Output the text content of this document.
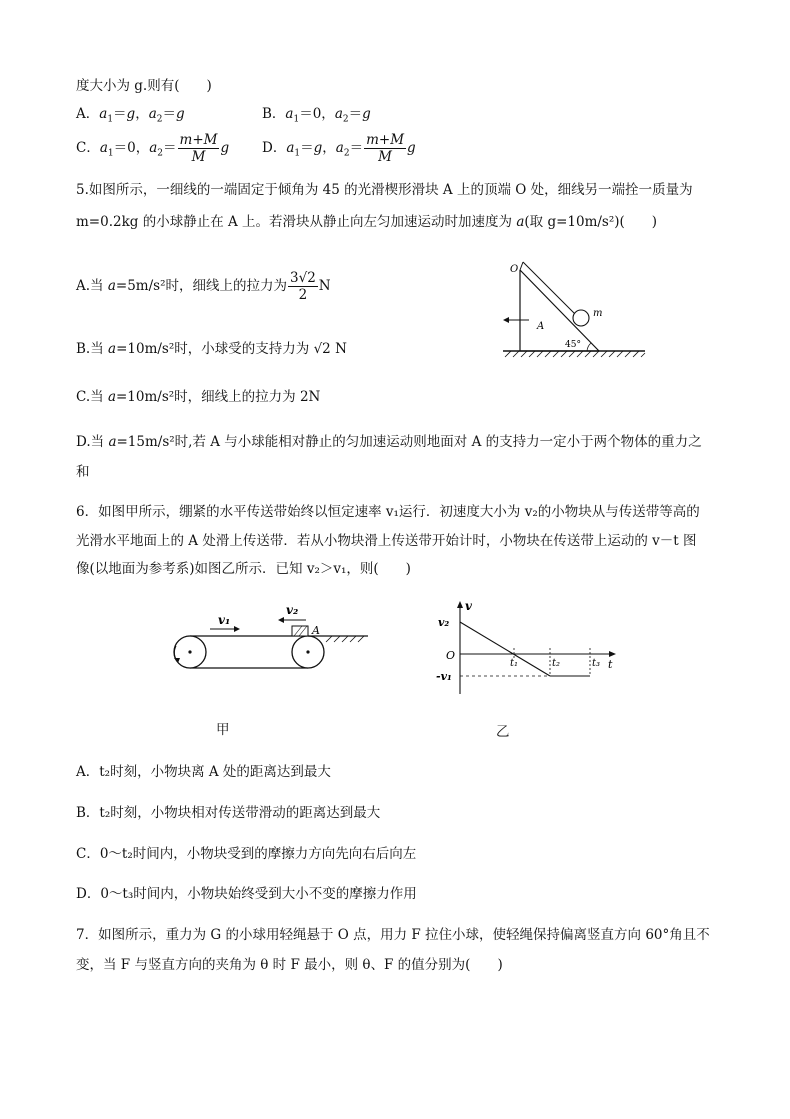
度大小为 g.则有(　　)
A．$a_1=g$，$a_2=g$	B．$a_1=0$，$a_2=g$
C．$a_1=0$，$a_2= \frac{m+M}{M}$ g D．$a_1=g$，$a_2= \frac{m+M}{M}$ g
5.如图所示，一细线的一端固定于倾角为 45 的光滑楔形滑块 A 上的顶端 O 处，细线另一端拴一质量为
m=0.2kg 的小球静止在 A 上。若滑块从静止向左匀加速运动时加速度为 a(取 g=10m/s²)(　　)
A.当 a=5m/s²时，细线上的拉力为 $\frac{3√2}{2}$ N
B.当 a=10m/s²时，小球受的支持力为 √2 N
C.当 a=10m/s²时，细线上的拉力为 2N
D.当 a=15m/s²时,若 A 与小球能相对静止的匀加速运动则地面对 A 的支持力一定小于两个物体的重力之
和
O
A
m
45°
6．如图甲所示，绷紧的水平传送带始终以恒定速率 v₁运行．初速度大小为 v₂的小物块从与传送带等高的
光滑水平地面上的 A 处滑上传送带．若从小物块滑上传送带开始计时，小物块在传送带上运动的 v－t 图
像(以地面为参考系)如图乙所示．已知 v₂＞v₁，则(　　)
v₁
v₂
A
甲
v
v₂
O
-v₁
t₁	t₂	t₃ t
乙
A．t₂时刻，小物块离 A 处的距离达到最大
B．t₂时刻，小物块相对传送带滑动的距离达到最大
C．0～t₂时间内，小物块受到的摩擦力方向先向右后向左
D．0～t₃时间内，小物块始终受到大小不变的摩擦力作用
7．如图所示，重力为 G 的小球用轻绳悬于 O 点，用力 F 拉住小球，使轻绳保持偏离竖直方向 60°角且不
变，当 F 与竖直方向的夹角为 θ 时 F 最小，则 θ、F 的值分别为(　　)
